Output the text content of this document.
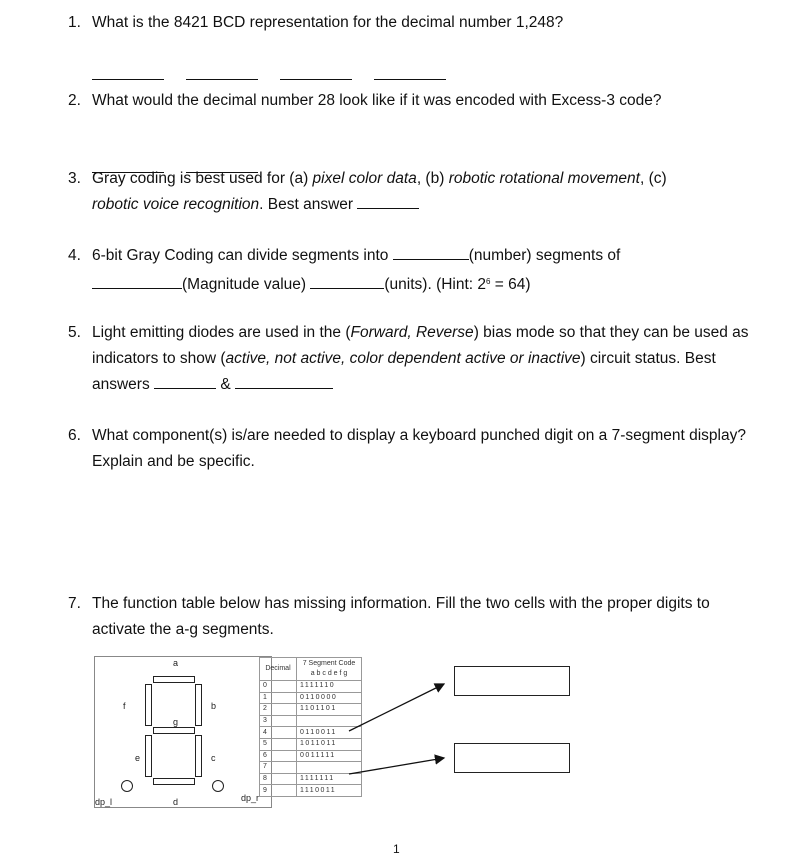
1. What is the 8421 BCD representation for the decimal number 1,248?
2. What would the decimal number 28 look like if it was encoded with Excess-3 code?
3. Gray coding is best used for (a) pixel color data, (b) robotic rotational movement, (c)
robotic voice recognition. Best answer
4. 6-bit Gray Coding can divide segments into	(number) segments of
(Magnitude value)	(units). (Hint: $2^6 = 64$)
5. Light emitting diodes are used in the (Forward, Reverse) bias mode so that they can be used as indicators to show (active, not active, color dependent active or inactive) circuit status. Best answers	&
6. What component(s) is/are needed to display a keyboard punched digit on a 7-segment display? Explain and be specific.
7. The function table below has missing information. Fill the two cells with the proper digits to activate the a-g segments.
a
b
c
d
e
f
g
dp_l	dp_r
Decimal	7 Segment Code
a b c d e f g

0	1111110
1	0110000
2	1101101
3	
4	0110011
5	1011011
6	0011111
7	
8	1111111
9	1110011
1
